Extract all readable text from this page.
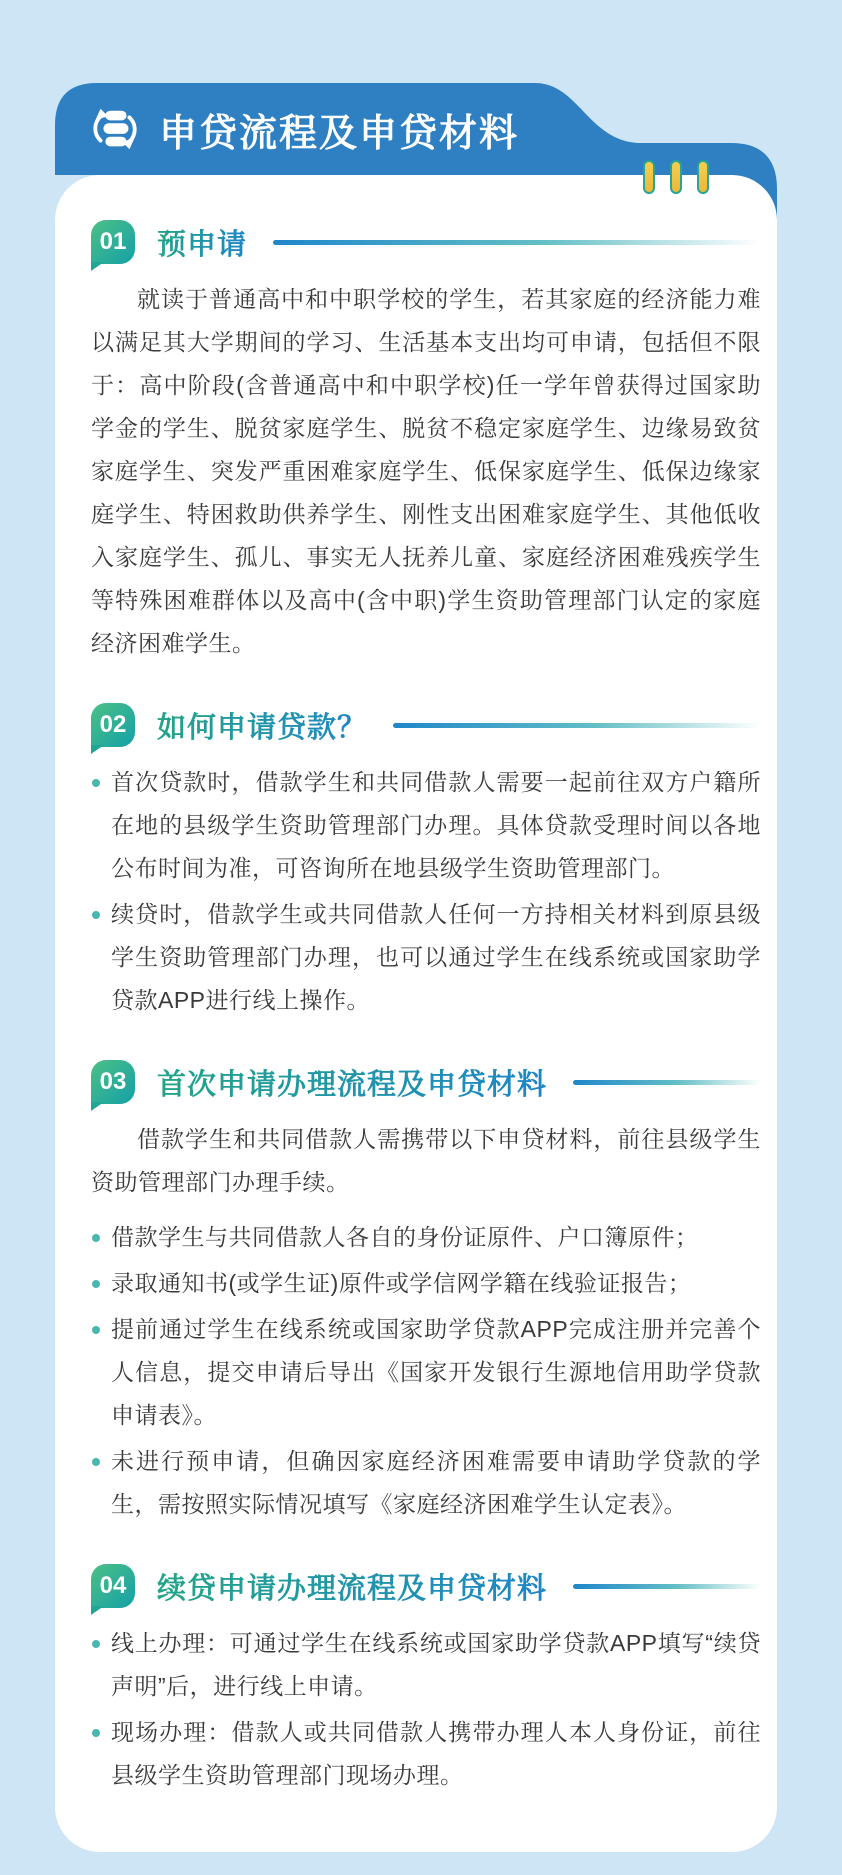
01 预申请

就读于普通高中和中职学校的学生，若其家庭的经济能力难以满足其大学期间的学习、生活基本支出均可申请，包括但不限于：高中阶段(含普通高中和中职学校)任一学年曾获得过国家助学金的学生、脱贫家庭学生、脱贫不稳定家庭学生、边缘易致贫家庭学生、突发严重困难家庭学生、低保家庭学生、低保边缘家庭学生、特困救助供养学生、刚性支出困难家庭学生、其他低收入家庭学生、孤儿、事实无人抚养儿童、家庭经济困难残疾学生等特殊困难群体以及高中(含中职)学生资助管理部门认定的家庭经济困难学生。

02 如何申请贷款？
首次贷款时，借款学生和共同借款人需要一起前往双方户籍所在地的县级学生资助管理部门办理。具体贷款受理时间以各地公布时间为准，可咨询所在地县级学生资助管理部门。
续贷时，借款学生或共同借款人任何一方持相关材料到原县级学生资助管理部门办理，也可以通过学生在线系统或国家助学贷款APP进行线上操作。
03 首次申请办理流程及申贷材料

借款学生和共同借款人需携带以下申贷材料，前往县级学生资助管理部门办理手续。

借款学生与共同借款人各自的身份证原件、户口簿原件；
录取通知书(或学生证)原件或学信网学籍在线验证报告；
提前通过学生在线系统或国家助学贷款APP完成注册并完善个人信息，提交申请后导出《国家开发银行生源地信用助学贷款申请表》。
未进行预申请，但确因家庭经济困难需要申请助学贷款的学生，需按照实际情况填写《家庭经济困难学生认定表》。
04 续贷申请办理流程及申贷材料
线上办理：可通过学生在线系统或国家助学贷款APP填写“续贷声明”后，进行线上申请。
现场办理：借款人或共同借款人携带办理人本人身份证，前往县级学生资助管理部门现场办理。
申贷流程及申贷材料
